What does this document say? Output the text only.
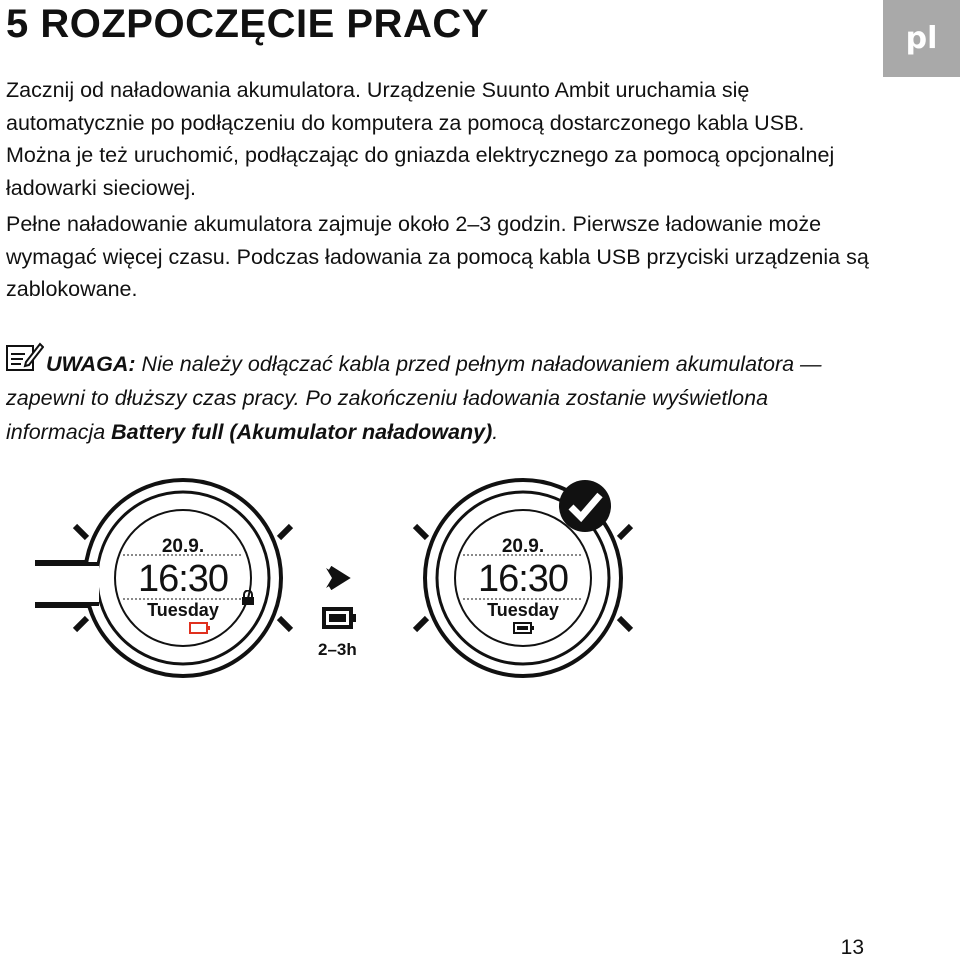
5 ROZPOCZĘCIE PRACY	pl

Zacznij od naładowania akumulatora. Urządzenie Suunto Ambit uruchamia się automatycznie po podłączeniu do komputera za pomocą dostarczonego kabla USB. Można je też uruchomić, podłączając do gniazda elektrycznego za pomocą opcjonalnej ładowarki sieciowej.

Pełne naładowanie akumulatora zajmuje około 2–3 godzin. Pierwsze ładowanie może wymagać więcej czasu. Podczas ładowania za pomocą kabla USB przyciski urządzenia są zablokowane.

UWAGA: Nie należy odłączać kabla przed pełnym naładowaniem akumulatora — zapewni to dłuższy czas pracy. Po zakończeniu ładowania zostanie wyświetlona informacja Battery full (Akumulator naładowany).

20.9.
16:30
Tuesday
2–3h
20.9.
16:30
Tuesday
13
